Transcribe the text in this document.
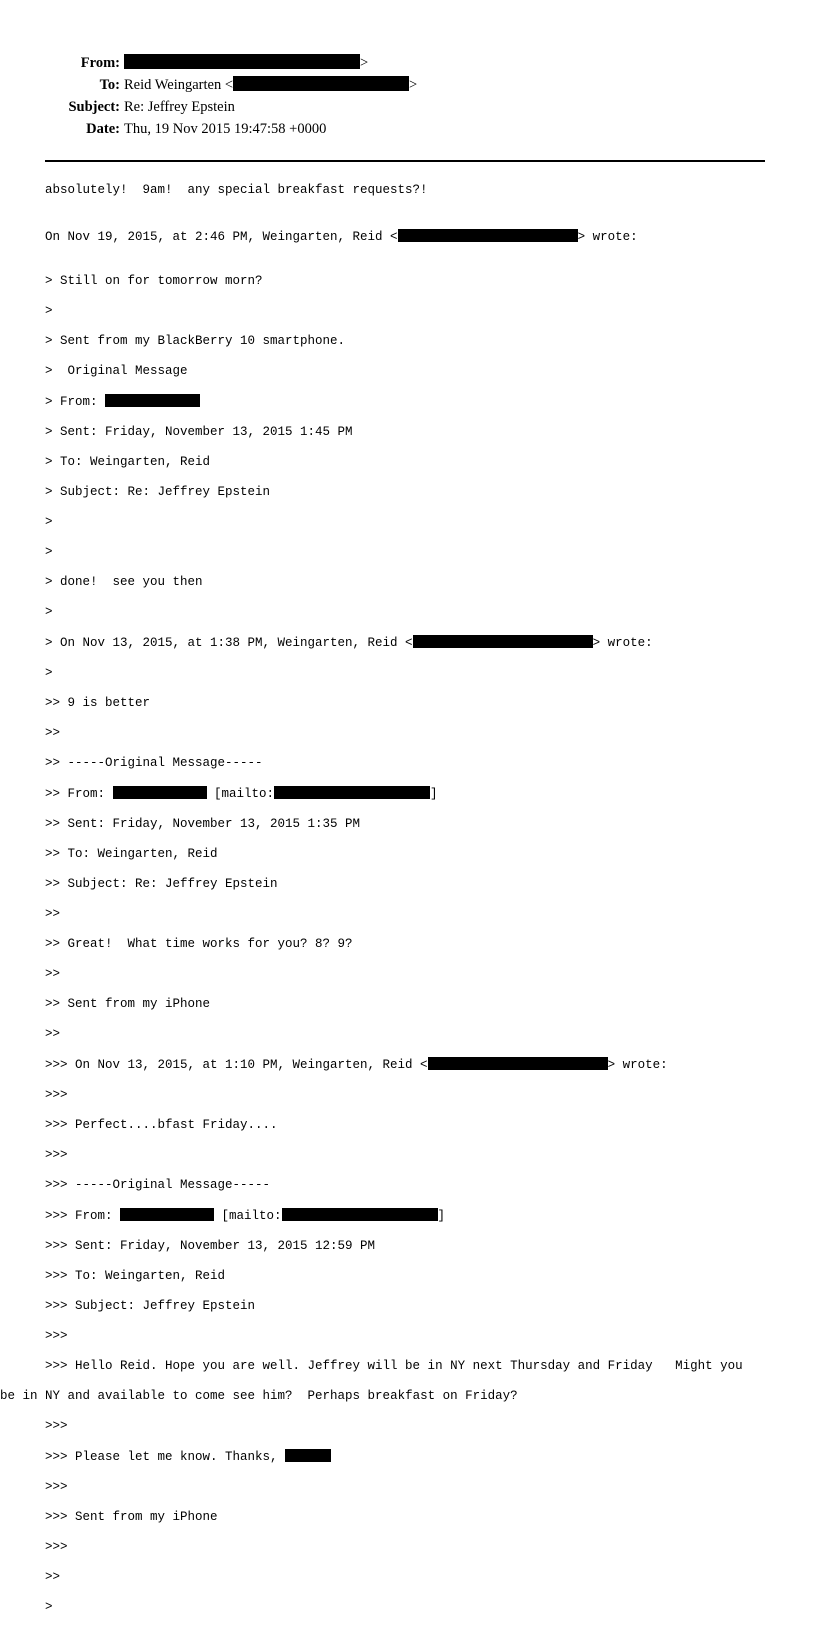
From:	>
To: Reid Weingarten <	>
Subject: Re: Jeffrey Epstein
Date: Thu, 19 Nov 2015 19:47:58 +0000
absolutely!  9am!  any special breakfast requests?!
On Nov 19, 2015, at 2:46 PM, Weingarten, Reid <	> wrote:

> Still on for tomorrow morn?

>

> Sent from my BlackBerry 10 smartphone.

>  Original Message

> From:

> Sent: Friday, November 13, 2015 1:45 PM

> To: Weingarten, Reid

> Subject: Re: Jeffrey Epstein

>

>

> done!  see you then

>

> On Nov 13, 2015, at 1:38 PM, Weingarten, Reid <	> wrote:

>

>> 9 is better

>>

>> -----Original Message-----

>> From:	[mailto:	]

>> Sent: Friday, November 13, 2015 1:35 PM

>> To: Weingarten, Reid

>> Subject: Re: Jeffrey Epstein

>>

>> Great!  What time works for you? 8? 9?

>>

>> Sent from my iPhone

>>

>>> On Nov 13, 2015, at 1:10 PM, Weingarten, Reid <	> wrote:

>>>

>>> Perfect....bfast Friday....

>>>

>>> -----Original Message-----

>>> From:	[mailto:	]

>>> Sent: Friday, November 13, 2015 12:59 PM

>>> To: Weingarten, Reid

>>> Subject: Jeffrey Epstein

>>>

>>> Hello Reid. Hope you are well. Jeffrey will be in NY next Thursday and Friday   Might you

be in NY and available to come see him?  Perhaps breakfast on Friday?

>>>

>>> Please let me know. Thanks,

>>>

>>> Sent from my iPhone

>>>

>>

>
